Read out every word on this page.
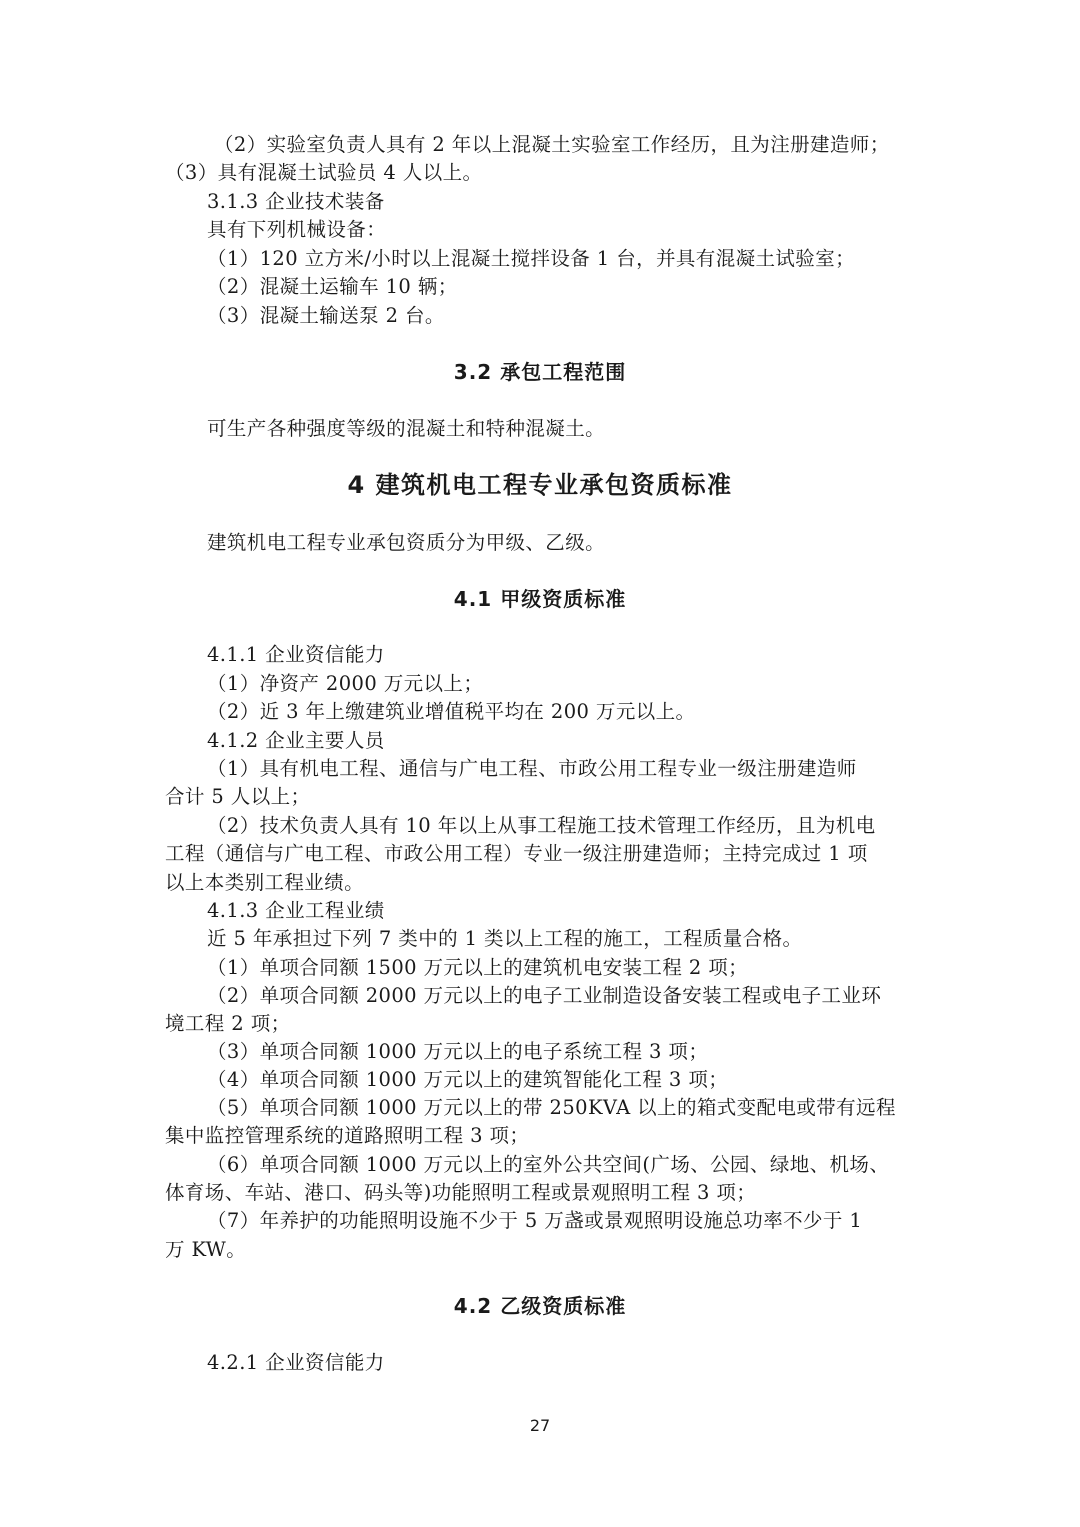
（2）实验室负责人具有 2 年以上混凝土实验室工作经历，且为注册建造师；
（3）具有混凝土试验员 4 人以上。
3.1.3 企业技术装备
具有下列机械设备：
（1）120 立方米/小时以上混凝土搅拌设备 1 台，并具有混凝土试验室；
（2）混凝土运输车 10 辆；
（3）混凝土输送泵 2 台。
3.2 承包工程范围
可生产各种强度等级的混凝土和特种混凝土。
4 建筑机电工程专业承包资质标准
建筑机电工程专业承包资质分为甲级、乙级。
4.1 甲级资质标准
4.1.1 企业资信能力
（1）净资产 2000 万元以上；
（2）近 3 年上缴建筑业增值税平均在 200 万元以上。
4.1.2 企业主要人员
（1）具有机电工程、通信与广电工程、市政公用工程专业一级注册建造师
合计 5 人以上；
（2）技术负责人具有 10 年以上从事工程施工技术管理工作经历，且为机电
工程（通信与广电工程、市政公用工程）专业一级注册建造师；主持完成过 1 项
以上本类别工程业绩。
4.1.3 企业工程业绩
近 5 年承担过下列 7 类中的 1 类以上工程的施工，工程质量合格。
（1）单项合同额 1500 万元以上的建筑机电安装工程 2 项；
（2）单项合同额 2000 万元以上的电子工业制造设备安装工程或电子工业环
境工程 2 项；
（3）单项合同额 1000 万元以上的电子系统工程 3 项；
（4）单项合同额 1000 万元以上的建筑智能化工程 3 项；
（5）单项合同额 1000 万元以上的带 250KVA 以上的箱式变配电或带有远程
集中监控管理系统的道路照明工程 3 项；
（6）单项合同额 1000 万元以上的室外公共空间(广场、公园、绿地、机场、
体育场、车站、港口、码头等)功能照明工程或景观照明工程 3 项；
（7）年养护的功能照明设施不少于 5 万盏或景观照明设施总功率不少于 1
万 KW。
4.2 乙级资质标准
4.2.1 企业资信能力
27
